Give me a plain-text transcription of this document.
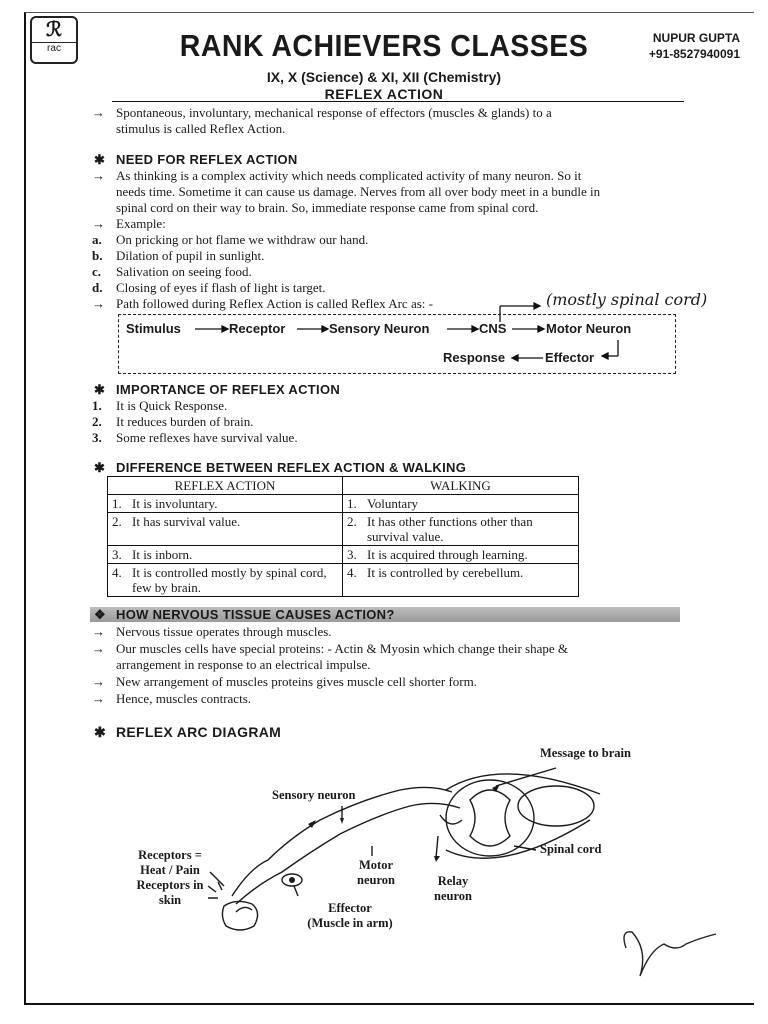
ℛ
rac	RANK ACHIEVERS CLASSES
IX, X (Science) & XI, XII (Chemistry)
REFLEX ACTION
NUPUR GUPTA
+91-8527940091
→ Spontaneous, involuntary, mechanical response of effectors (muscles & glands) to a
stimulus is called Reflex Action.
✱ NEED FOR REFLEX ACTION
→ As thinking is a complex activity which needs complicated activity of many neuron. So it
needs time. Sometime it can cause us damage. Nerves from all over body meet in a bundle in
spinal cord on their way to brain. So, immediate response came from spinal cord.
→ Example:
a. On pricking or hot flame we withdraw our hand.
b. Dilation of pupil in sunlight.
c. Salivation on seeing food.
d. Closing of eyes if flash of light is target.
→ Path followed during Reflex Action is called Reflex Arc as: -	(mostly spinal cord)
Stimulus	Receptor	Sensory Neuron	CNS	Motor Neuron
Effector
Response
✱ IMPORTANCE OF REFLEX ACTION
1. It is Quick Response.
2. It reduces burden of brain.
3. Some reflexes have survival value.
✱ DIFFERENCE BETWEEN REFLEX ACTION & WALKING
REFLEX ACTION	WALKING
1. It is involuntary.	1. Voluntary
2. It has survival value.	2. It has other functions other than survival value.
3. It is inborn.	3. It is acquired through learning.
4. It is controlled mostly by spinal cord, few by brain.	4. It is controlled by cerebellum.
❖ HOW NERVOUS TISSUE CAUSES ACTION?
→ Nervous tissue operates through muscles.
→ Our muscles cells have special proteins: - Actin & Myosin which change their shape &
arrangement in response to an electrical impulse.
→ New arrangement of muscles proteins gives muscle cell shorter form.
→ Hence, muscles contracts.
✱ REFLEX ARC DIAGRAM
Message to brain
Sensory neuron
Spinal cord
Receptors =
Heat / Pain
Receptors in
skin
Motor
neuron	Relay
neuron
Effector
(Muscle in arm)
